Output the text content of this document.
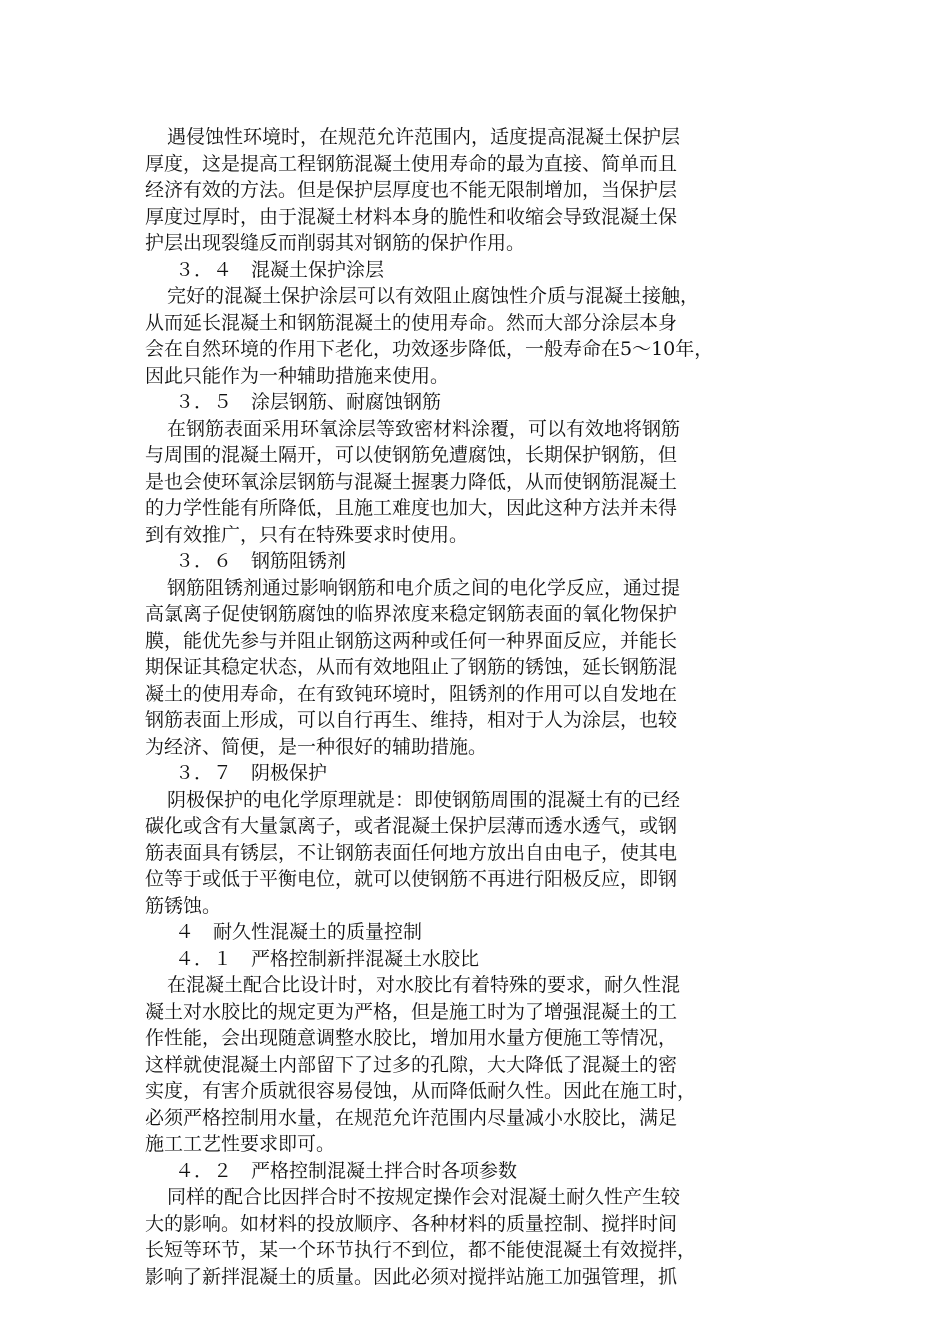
遇侵蚀性环境时，在规范允许范围内，适度提高混凝土保护层

厚度，这是提高工程钢筋混凝土使用寿命的最为直接、简单而且

经济有效的方法。但是保护层厚度也不能无限制增加，当保护层

厚度过厚时，由于混凝土材料本身的脆性和收缩会导致混凝土保

护层出现裂缝反而削弱其对钢筋的保护作用。

３．４　混凝土保护涂层

完好的混凝土保护涂层可以有效阻止腐蚀性介质与混凝土接触，

从而延长混凝土和钢筋混凝土的使用寿命。然而大部分涂层本身

会在自然环境的作用下老化，功效逐步降低，一般寿命在5～10年，

因此只能作为一种辅助措施来使用。

３．５　涂层钢筋、耐腐蚀钢筋

在钢筋表面采用环氧涂层等致密材料涂覆，可以有效地将钢筋

与周围的混凝土隔开，可以使钢筋免遭腐蚀，长期保护钢筋，但

是也会使环氧涂层钢筋与混凝土握裹力降低，从而使钢筋混凝土

的力学性能有所降低，且施工难度也加大，因此这种方法并未得

到有效推广，只有在特殊要求时使用。

３．６　钢筋阻锈剂

钢筋阻锈剂通过影响钢筋和电介质之间的电化学反应，通过提

高氯离子促使钢筋腐蚀的临界浓度来稳定钢筋表面的氧化物保护

膜，能优先参与并阻止钢筋这两种或任何一种界面反应，并能长

期保证其稳定状态，从而有效地阻止了钢筋的锈蚀，延长钢筋混

凝土的使用寿命，在有致钝环境时，阻锈剂的作用可以自发地在

钢筋表面上形成，可以自行再生、维持，相对于人为涂层，也较

为经济、简便，是一种很好的辅助措施。

３．７　阴极保护

阴极保护的电化学原理就是：即使钢筋周围的混凝土有的已经

碳化或含有大量氯离子，或者混凝土保护层薄而透水透气，或钢

筋表面具有锈层，不让钢筋表面任何地方放出自由电子，使其电

位等于或低于平衡电位，就可以使钢筋不再进行阳极反应，即钢

筋锈蚀。

４　耐久性混凝土的质量控制

４．１　严格控制新拌混凝土水胶比

在混凝土配合比设计时，对水胶比有着特殊的要求，耐久性混

凝土对水胶比的规定更为严格，但是施工时为了增强混凝土的工

作性能，会出现随意调整水胶比，增加用水量方便施工等情况，

这样就使混凝土内部留下了过多的孔隙，大大降低了混凝土的密

实度，有害介质就很容易侵蚀，从而降低耐久性。因此在施工时，

必须严格控制用水量，在规范允许范围内尽量减小水胶比，满足

施工工艺性要求即可。

４．２　严格控制混凝土拌合时各项参数

同样的配合比因拌合时不按规定操作会对混凝土耐久性产生较

大的影响。如材料的投放顺序、各种材料的质量控制、搅拌时间

长短等环节，某一个环节执行不到位，都不能使混凝土有效搅拌，

影响了新拌混凝土的质量。因此必须对搅拌站施工加强管理，抓
